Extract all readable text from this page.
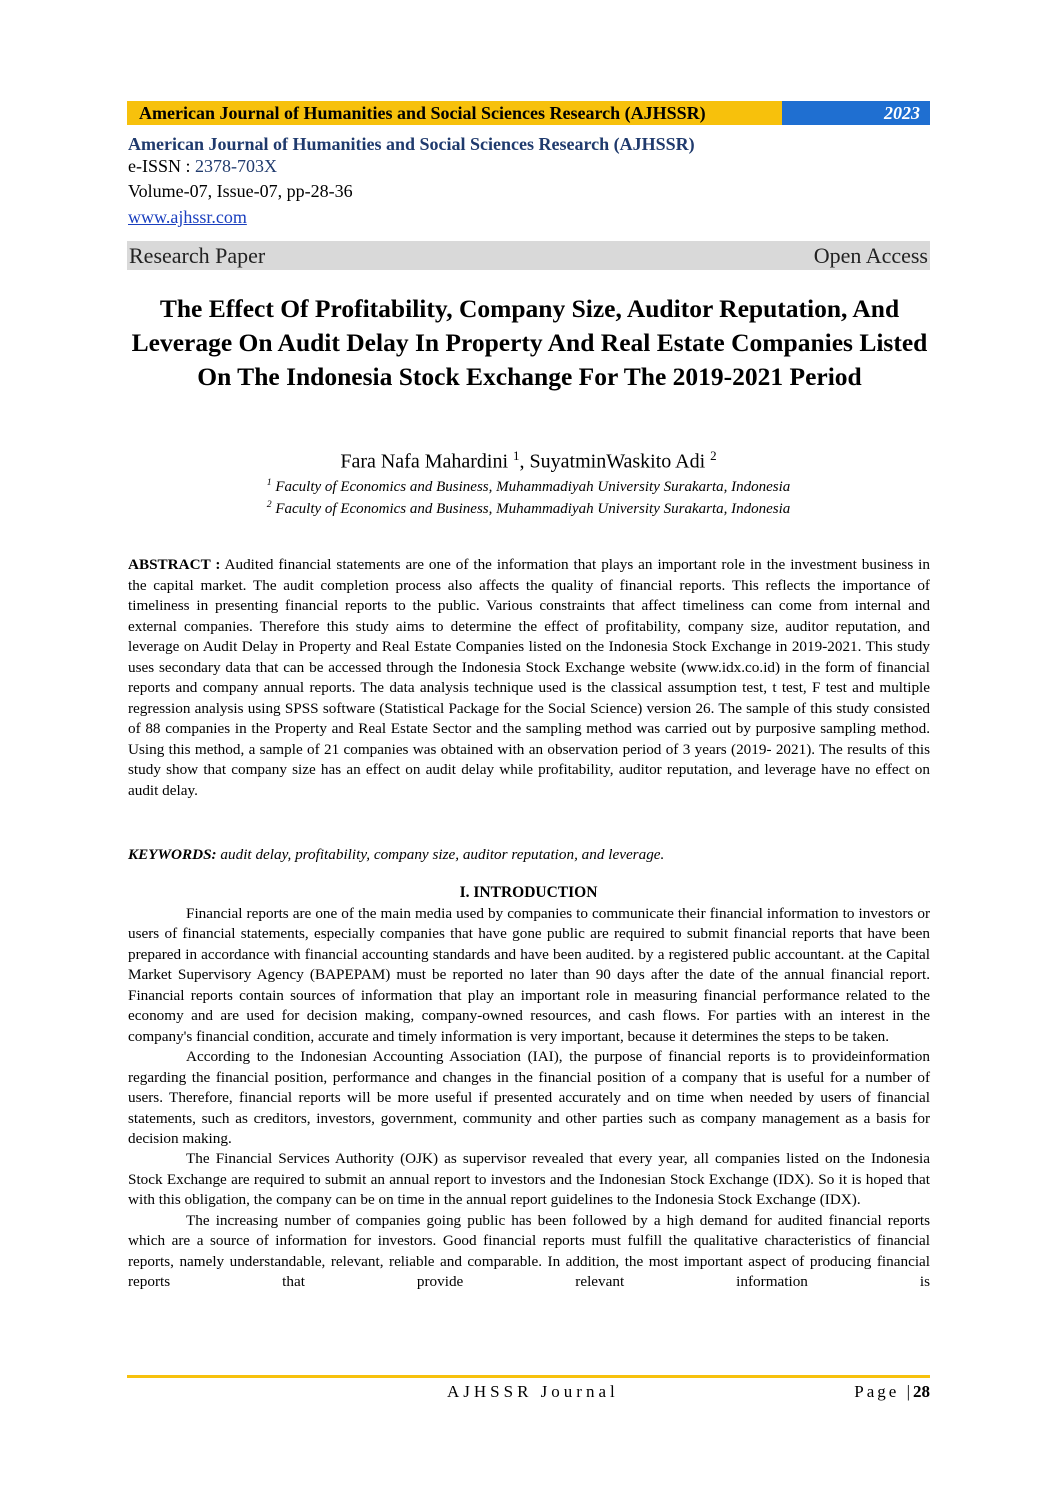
American Journal of Humanities and Social Sciences Research (AJHSSR)	2023
American Journal of Humanities and Social Sciences Research (AJHSSR)
e-ISSN : 2378-703X
Volume-07, Issue-07, pp-28-36
www.ajhssr.com
Research Paper	Open Access
The Effect Of Profitability, Company Size, Auditor Reputation, And Leverage On Audit Delay In Property And Real Estate Companies Listed On The Indonesia Stock Exchange For The 2019-2021 Period
Fara Nafa Mahardini $^1$, SuyatminWaskito Adi $^2$
$^1$ Faculty of Economics and Business, Muhammadiyah University Surakarta, Indonesia
$^2$ Faculty of Economics and Business, Muhammadiyah University Surakarta, Indonesia
ABSTRACT : Audited financial statements are one of the information that plays an important role in the investment business in the capital market. The audit completion process also affects the quality of financial reports. This reflects the importance of timeliness in presenting financial reports to the public. Various constraints that affect timeliness can come from internal and external companies. Therefore this study aims to determine the effect of profitability, company size, auditor reputation, and leverage on Audit Delay in Property and Real Estate Companies listed on the Indonesia Stock Exchange in 2019-2021. This study uses secondary data that can be accessed through the Indonesia Stock Exchange website (www.idx.co.id) in the form of financial reports and company annual reports. The data analysis technique used is the classical assumption test, t test, F test and multiple regression analysis using SPSS software (Statistical Package for the Social Science) version 26. The sample of this study consisted of 88 companies in the Property and Real Estate Sector and the sampling method was carried out by purposive sampling method. Using this method, a sample of 21 companies was obtained with an observation period of 3 years (2019- 2021). The results of this study show that company size has an effect on audit delay while profitability, auditor reputation, and leverage have no effect on audit delay.
KEYWORDS: audit delay, profitability, company size, auditor reputation, and leverage.
I. INTRODUCTION

Financial reports are one of the main media used by companies to communicate their financial information to investors or users of financial statements, especially companies that have gone public are required to submit financial reports that have been prepared in accordance with financial accounting standards and have been audited. by a registered public accountant. at the Capital Market Supervisory Agency (BAPEPAM) must be reported no later than 90 days after the date of the annual financial report. Financial reports contain sources of information that play an important role in measuring financial performance related to the economy and are used for decision making, company-owned resources, and cash flows. For parties with an interest in the company's financial condition, accurate and timely information is very important, because it determines the steps to be taken.

According to the Indonesian Accounting Association (IAI), the purpose of financial reports is to provideinformation regarding the financial position, performance and changes in the financial position of a company that is useful for a number of users. Therefore, financial reports will be more useful if presented accurately and on time when needed by users of financial statements, such as creditors, investors, government, community and other parties such as company management as a basis for decision making.

The Financial Services Authority (OJK) as supervisor revealed that every year, all companies listed on the Indonesia Stock Exchange are required to submit an annual report to investors and the Indonesian Stock Exchange (IDX). So it is hoped that with this obligation, the company can be on time in the annual report guidelines to the Indonesia Stock Exchange (IDX).

The increasing number of companies going public has been followed by a high demand for audited financial reports which are a source of information for investors. Good financial reports must fulfill the qualitative characteristics of financial reports, namely understandable, relevant, reliable and comparable. In addition, the most important aspect of producing financial reports that provide relevant information is

AJHSSR Journal	Page |28
